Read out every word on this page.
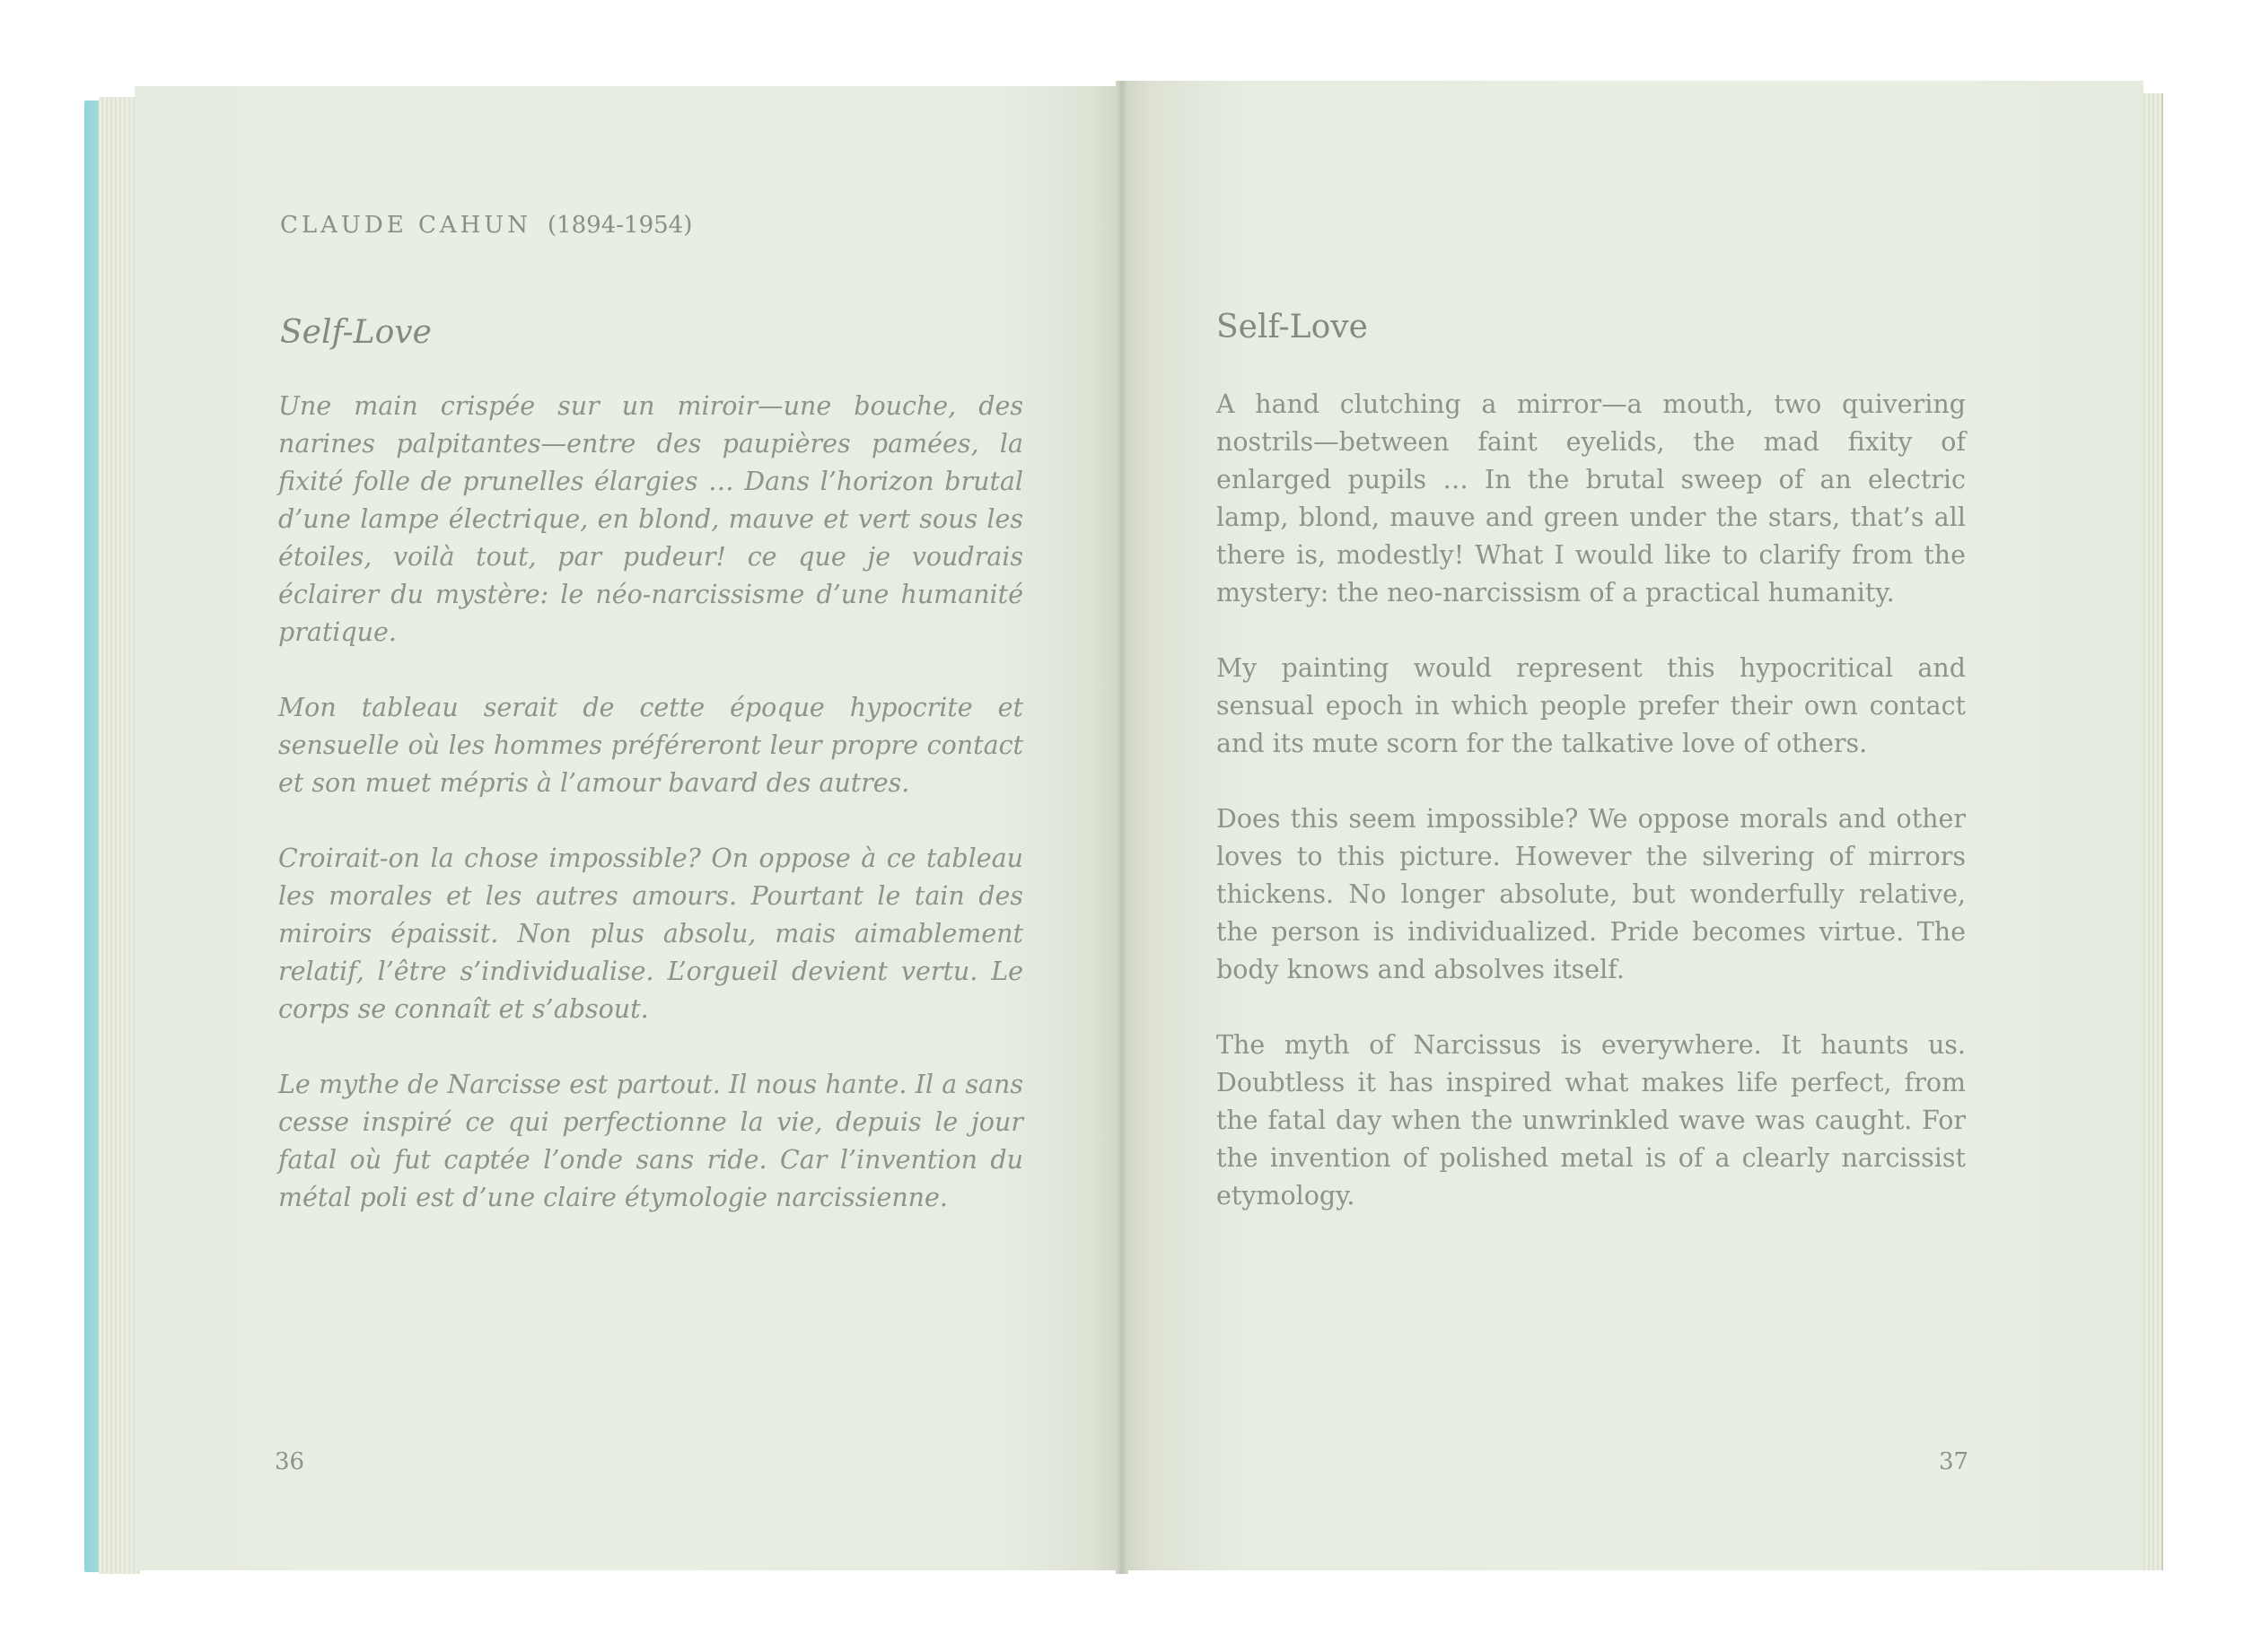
CLAUDE CAHUN (1894-1954)
Self-Love

Une main crispée sur un miroir—une bouche, des narines palpitantes—entre des paupières pamées, la fixité folle de prunelles élargies … Dans l’horizon brutal d’une lampe électrique, en blond, mauve et vert sous les étoiles, voilà tout, par pudeur! ce que je voudrais éclairer du mystère: le néo-narcissisme d’une humanité pratique.

Mon tableau serait de cette époque hypocrite et sensuelle où les hommes préféreront leur propre contact et son muet mépris à l’amour bavard des autres.

Croirait-on la chose impossible? On oppose à ce tableau les morales et les autres amours. Pourtant le tain des miroirs épaissit. Non plus absolu, mais aimablement relatif, l’être s’individualise. L’orgueil devient vertu. Le corps se connaît et s’absout.

Le mythe de Narcisse est partout. Il nous hante. Il a sans cesse inspiré ce qui perfectionne la vie, depuis le jour fatal où fut captée l’onde sans ride. Car l’invention du métal poli est d’une claire étymologie narcissienne.

36
Self-Love

A hand clutching a mirror—a mouth, two quivering nostrils—between faint eyelids, the mad fixity of enlarged pupils … In the brutal sweep of an electric lamp, blond, mauve and green under the stars, that’s all there is, modestly! What I would like to clarify from the mystery: the neo-narcissism of a practical humanity.

My painting would represent this hypocritical and sensual epoch in which people prefer their own contact and its mute scorn for the talkative love of others.

Does this seem impossible? We oppose morals and other loves to this picture. However the silvering of mirrors thickens. No longer absolute, but wonderfully relative, the person is individualized. Pride becomes virtue. The body knows and absolves itself.

The myth of Narcissus is everywhere. It haunts us. Doubtless it has inspired what makes life perfect, from the fatal day when the unwrinkled wave was caught. For the invention of polished metal is of a clearly narcissist etymology.

37
